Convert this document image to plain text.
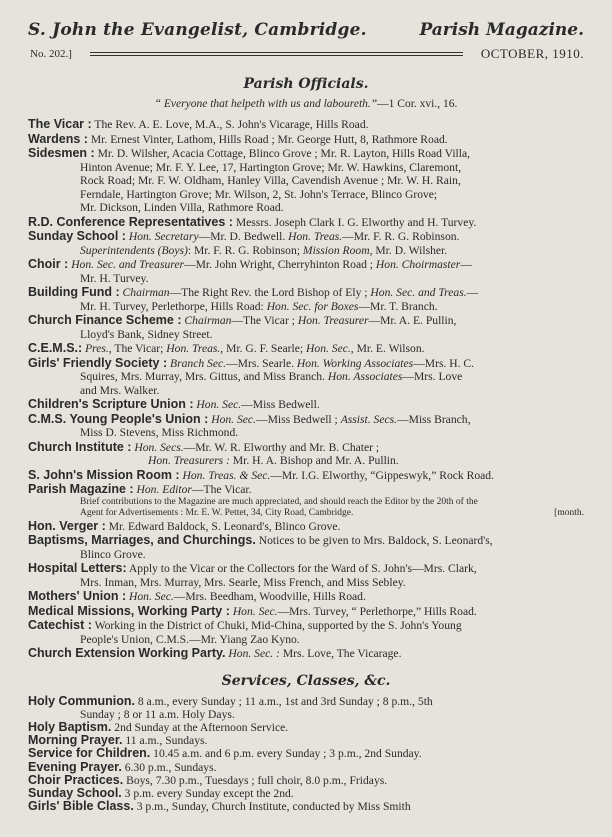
S. John the Evangelist, Cambridge.	Parish Magazine.
No. 202.]	OCTOBER, 1910.
Parish Officials.
“ Everyone that helpeth with us and laboureth.”—1 Cor. xvi., 16.
The Vicar : The Rev. A. E. Love, M.A., S. John's Vicarage, Hills Road.
Wardens : Mr. Ernest Vinter, Lathom, Hills Road ; Mr. George Hutt, 8, Rathmore Road.
Sidesmen : Mr. D. Wilsher, Acacia Cottage, Blinco Grove ; Mr. R. Layton, Hills Road Villa,
Hinton Avenue; Mr. F. Y. Lee, 17, Hartington Grove; Mr. W. Hawkins, Claremont,
Rock Road; Mr. F. W. Oldham, Hanley Villa, Cavendish Avenue ; Mr. W. H. Rain,
Ferndale, Hartington Grove; Mr. Wilson, 2, St. John's Terrace, Blinco Grove;
Mr. Dickson, Linden Villa, Rathmore Road.
R.D. Conference Representatives : Messrs. Joseph Clark I. G. Elworthy and H. Turvey.
Sunday School : Hon. Secretary—Mr. D. Bedwell. Hon. Treas.—Mr. F. R. G. Robinson.
Superintendents (Boys): Mr. F. R. G. Robinson; Mission Room, Mr. D. Wilsher.
Choir : Hon. Sec. and Treasurer—Mr. John Wright, Cherryhinton Road ; Hon. Choirmaster—
Mr. H. Turvey.
Building Fund : Chairman—The Right Rev. the Lord Bishop of Ely ; Hon. Sec. and Treas.—
Mr. H. Turvey, Perlethorpe, Hills Road: Hon. Sec. for Boxes—Mr. T. Branch.
Church Finance Scheme : Chairman—The Vicar ; Hon. Treasurer—Mr. A. E. Pullin,
Lloyd's Bank, Sidney Street.
C.E.M.S.: Pres., The Vicar; Hon. Treas., Mr. G. F. Searle; Hon. Sec., Mr. E. Wilson.
Girls' Friendly Society : Branch Sec.—Mrs. Searle. Hon. Working Associates—Mrs. H. C.
Squires, Mrs. Murray, Mrs. Gittus, and Miss Branch. Hon. Associates—Mrs. Love
and Mrs. Walker.
Children's Scripture Union : Hon. Sec.—Miss Bedwell.
C.M.S. Young People's Union : Hon. Sec.—Miss Bedwell ; Assist. Secs.—Miss Branch,
Miss D. Stevens, Miss Richmond.
Church Institute : Hon. Secs.—Mr. W. R. Elworthy and Mr. B. Chater ;
Hon. Treasurers : Mr. H. A. Bishop and Mr. A. Pullin.
S. John's Mission Room : Hon. Treas. & Sec.—Mr. I.G. Elworthy, “Gippeswyk,” Rock Road.
Parish Magazine : Hon. Editor—The Vicar.
Brief contributions to the Magazine are much appreciated, and should reach the Editor by the 20th of the
Agent for Advertisements : Mr. E. W. Pettet, 34, City Road, Cambridge.	[month.
Hon. Verger : Mr. Edward Baldock, S. Leonard's, Blinco Grove.
Baptisms, Marriages, and Churchings. Notices to be given to Mrs. Baldock, S. Leonard's,
Blinco Grove.
Hospital Letters: Apply to the Vicar or the Collectors for the Ward of S. John's—Mrs. Clark,
Mrs. Inman, Mrs. Murray, Mrs. Searle, Miss French, and Miss Sebley.
Mothers' Union : Hon. Sec.—Mrs. Beedham, Woodville, Hills Road.
Medical Missions, Working Party : Hon. Sec.—Mrs. Turvey, “ Perlethorpe,” Hills Road.
Catechist : Working in the District of Chuki, Mid-China, supported by the S. John's Young
People's Union, C.M.S.—Mr. Yiang Zao Kyno.
Church Extension Working Party. Hon. Sec. : Mrs. Love, The Vicarage.
Services, Classes, &c.
Holy Communion. 8 a.m., every Sunday ; 11 a.m., 1st and 3rd Sunday ; 8 p.m., 5th
Sunday ; 8 or 11 a.m. Holy Days.
Holy Baptism. 2nd Sunday at the Afternoon Service.
Morning Prayer. 11 a.m., Sundays.
Service for Children. 10.45 a.m. and 6 p.m. every Sunday ; 3 p.m., 2nd Sunday.
Evening Prayer. 6.30 p.m., Sundays.
Choir Practices. Boys, 7.30 p.m., Tuesdays ; full choir, 8.0 p.m., Fridays.
Sunday School. 3 p.m. every Sunday except the 2nd.
Girls' Bible Class. 3 p.m., Sunday, Church Institute, conducted by Miss Smith
